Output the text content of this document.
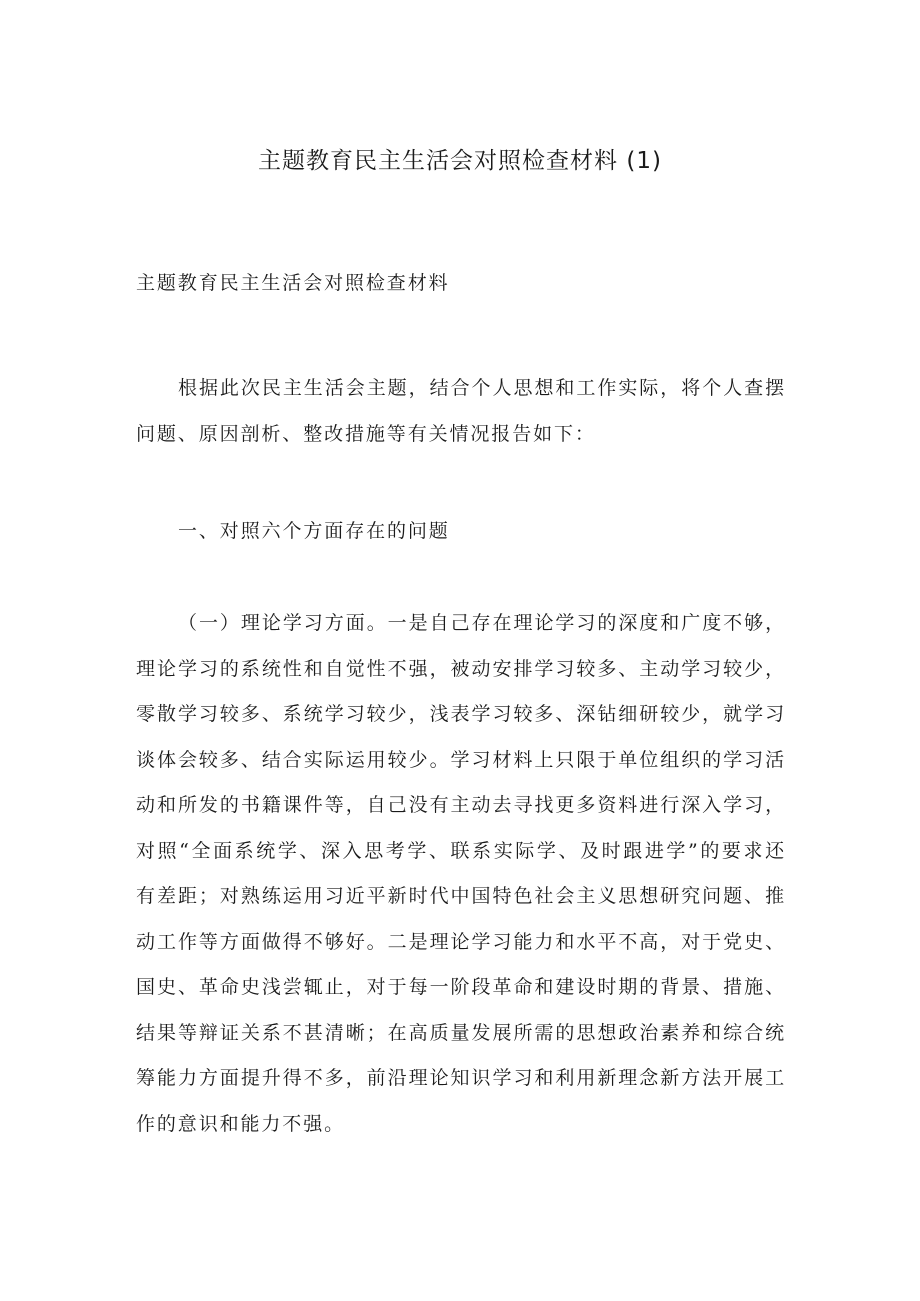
主题教育民主生活会对照检查材料 (1)

主题教育民主生活会对照检查材料

根据此次民主生活会主题，结合个人思想和工作实际，将个人查摆问题、原因剖析、整改措施等有关情况报告如下：

一、对照六个方面存在的问题

（一）理论学习方面。一是自己存在理论学习的深度和广度不够，理论学习的系统性和自觉性不强，被动安排学习较多、主动学习较少，零散学习较多、系统学习较少，浅表学习较多、深钻细研较少，就学习谈体会较多、结合实际运用较少。学习材料上只限于单位组织的学习活动和所发的书籍课件等，自己没有主动去寻找更多资料进行深入学习，对照“全面系统学、深入思考学、联系实际学、及时跟进学”的要求还有差距；对熟练运用习近平新时代中国特色社会主义思想研究问题、推动工作等方面做得不够好。二是理论学习能力和水平不高，对于党史、国史、革命史浅尝辄止，对于每一阶段革命和建设时期的背景、措施、结果等辩证关系不甚清晰；在高质量发展所需的思想政治素养和综合统筹能力方面提升得不多，前沿理论知识学习和利用新理念新方法开展工作的意识和能力不强。
